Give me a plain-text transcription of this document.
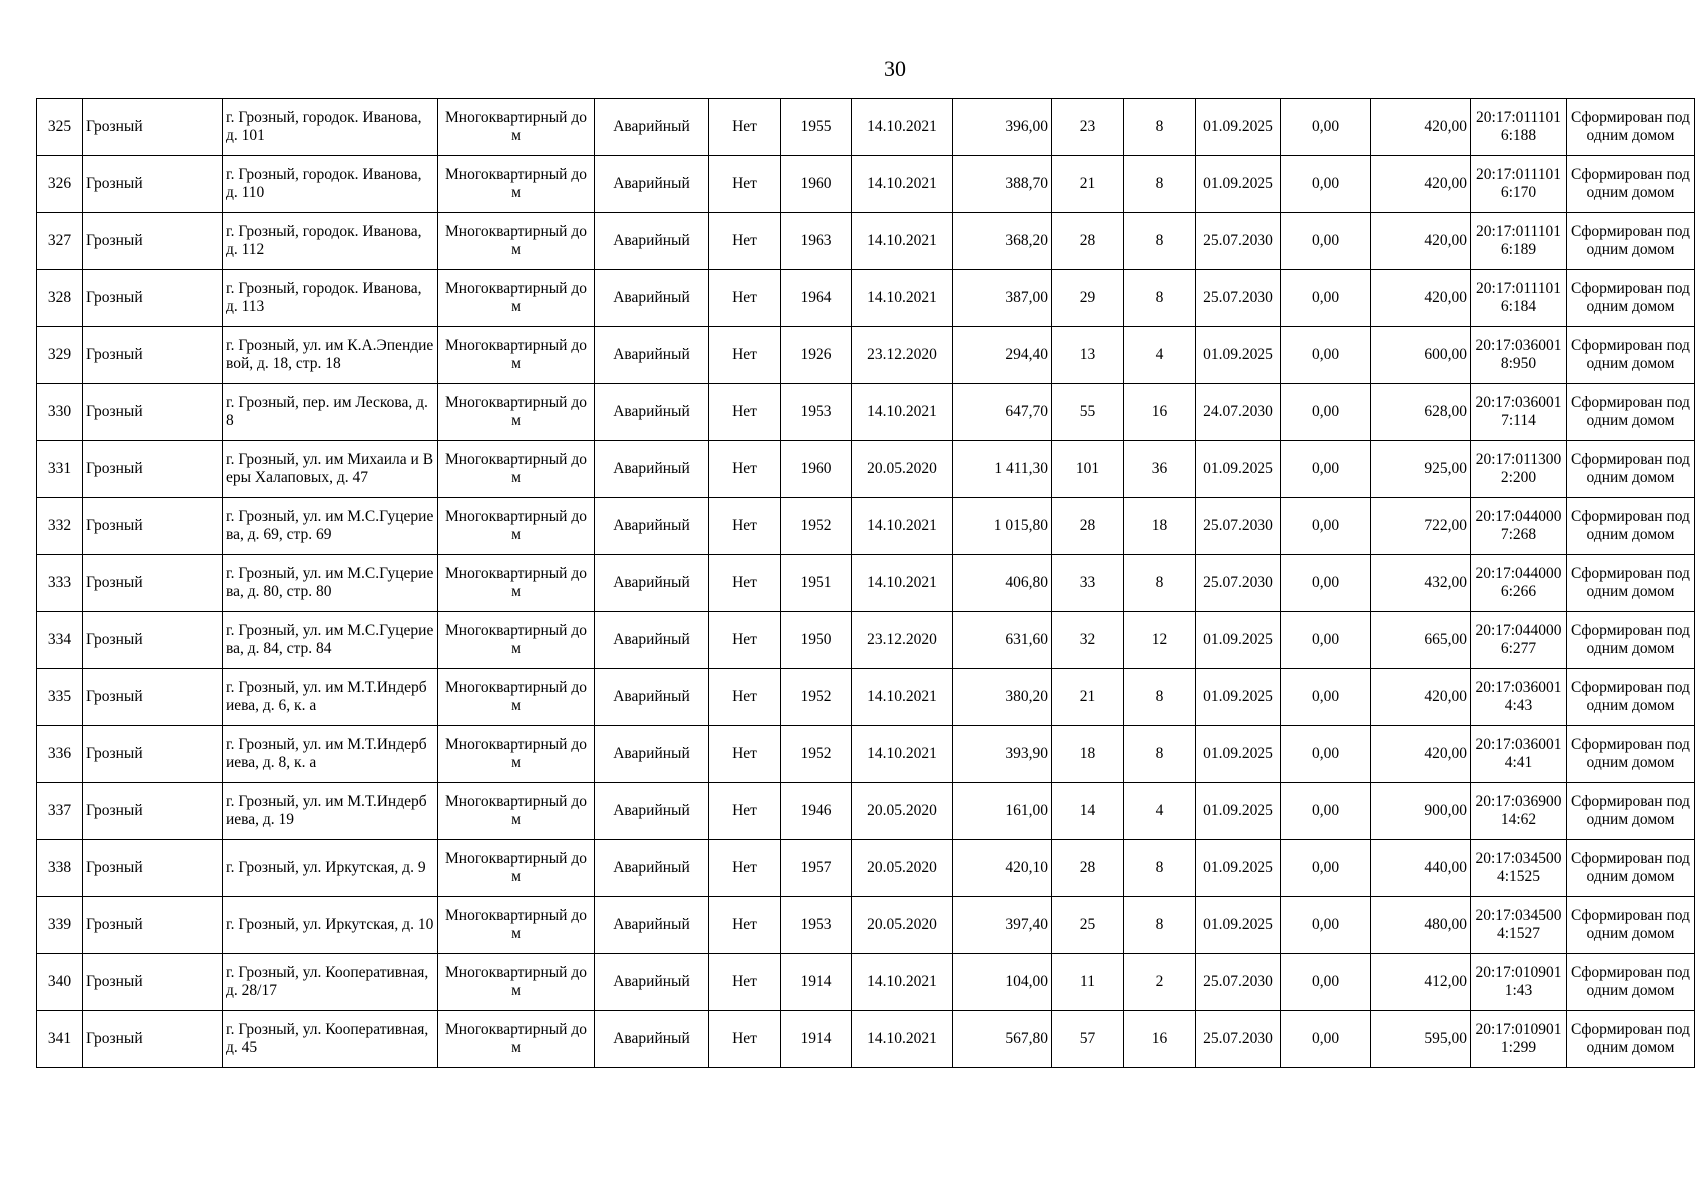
30
325	Грозный	г. Грозный, городок. Иванова, д. 101	Многоквартирный дом	Аварийный	Нет	1955	14.10.2021	396,00	23	8	01.09.2025	0,00	420,00	20:17:0111016:188	Сформирован под одним домом
326	Грозный	г. Грозный, городок. Иванова, д. 110	Многоквартирный дом	Аварийный	Нет	1960	14.10.2021	388,70	21	8	01.09.2025	0,00	420,00	20:17:0111016:170	Сформирован под одним домом
327	Грозный	г. Грозный, городок. Иванова, д. 112	Многоквартирный дом	Аварийный	Нет	1963	14.10.2021	368,20	28	8	25.07.2030	0,00	420,00	20:17:0111016:189	Сформирован под одним домом
328	Грозный	г. Грозный, городок. Иванова, д. 113	Многоквартирный дом	Аварийный	Нет	1964	14.10.2021	387,00	29	8	25.07.2030	0,00	420,00	20:17:0111016:184	Сформирован под одним домом
329	Грозный	г. Грозный, ул. им К.А.Эпендиевой, д. 18, стр. 18	Многоквартирный дом	Аварийный	Нет	1926	23.12.2020	294,40	13	4	01.09.2025	0,00	600,00	20:17:0360018:950	Сформирован под одним домом
330	Грозный	г. Грозный, пер. им Лескова, д. 8	Многоквартирный дом	Аварийный	Нет	1953	14.10.2021	647,70	55	16	24.07.2030	0,00	628,00	20:17:0360017:114	Сформирован под одним домом
331	Грозный	г. Грозный, ул. им Михаила и Веры Халаповых, д. 47	Многоквартирный дом	Аварийный	Нет	1960	20.05.2020	1 411,30	101	36	01.09.2025	0,00	925,00	20:17:0113002:200	Сформирован под одним домом
332	Грозный	г. Грозный, ул. им М.С.Гуцериева, д. 69, стр. 69	Многоквартирный дом	Аварийный	Нет	1952	14.10.2021	1 015,80	28	18	25.07.2030	0,00	722,00	20:17:0440007:268	Сформирован под одним домом
333	Грозный	г. Грозный, ул. им М.С.Гуцериева, д. 80, стр. 80	Многоквартирный дом	Аварийный	Нет	1951	14.10.2021	406,80	33	8	25.07.2030	0,00	432,00	20:17:0440006:266	Сформирован под одним домом
334	Грозный	г. Грозный, ул. им М.С.Гуцериева, д. 84, стр. 84	Многоквартирный дом	Аварийный	Нет	1950	23.12.2020	631,60	32	12	01.09.2025	0,00	665,00	20:17:0440006:277	Сформирован под одним домом
335	Грозный	г. Грозный, ул. им М.Т.Индербиева, д. 6, к. а	Многоквартирный дом	Аварийный	Нет	1952	14.10.2021	380,20	21	8	01.09.2025	0,00	420,00	20:17:0360014:43	Сформирован под одним домом
336	Грозный	г. Грозный, ул. им М.Т.Индербиева, д. 8, к. а	Многоквартирный дом	Аварийный	Нет	1952	14.10.2021	393,90	18	8	01.09.2025	0,00	420,00	20:17:0360014:41	Сформирован под одним домом
337	Грозный	г. Грозный, ул. им М.Т.Индербиева, д. 19	Многоквартирный дом	Аварийный	Нет	1946	20.05.2020	161,00	14	4	01.09.2025	0,00	900,00	20:17:03690014:62	Сформирован под одним домом
338	Грозный	г. Грозный, ул. Иркутская, д. 9	Многоквартирный дом	Аварийный	Нет	1957	20.05.2020	420,10	28	8	01.09.2025	0,00	440,00	20:17:0345004:1525	Сформирован под одним домом
339	Грозный	г. Грозный, ул. Иркутская, д. 10	Многоквартирный дом	Аварийный	Нет	1953	20.05.2020	397,40	25	8	01.09.2025	0,00	480,00	20:17:0345004:1527	Сформирован под одним домом
340	Грозный	г. Грозный, ул. Кооперативная, д. 28/17	Многоквартирный дом	Аварийный	Нет	1914	14.10.2021	104,00	11	2	25.07.2030	0,00	412,00	20:17:0109011:43	Сформирован под одним домом
341	Грозный	г. Грозный, ул. Кооперативная, д. 45	Многоквартирный дом	Аварийный	Нет	1914	14.10.2021	567,80	57	16	25.07.2030	0,00	595,00	20:17:0109011:299	Сформирован под одним домом
